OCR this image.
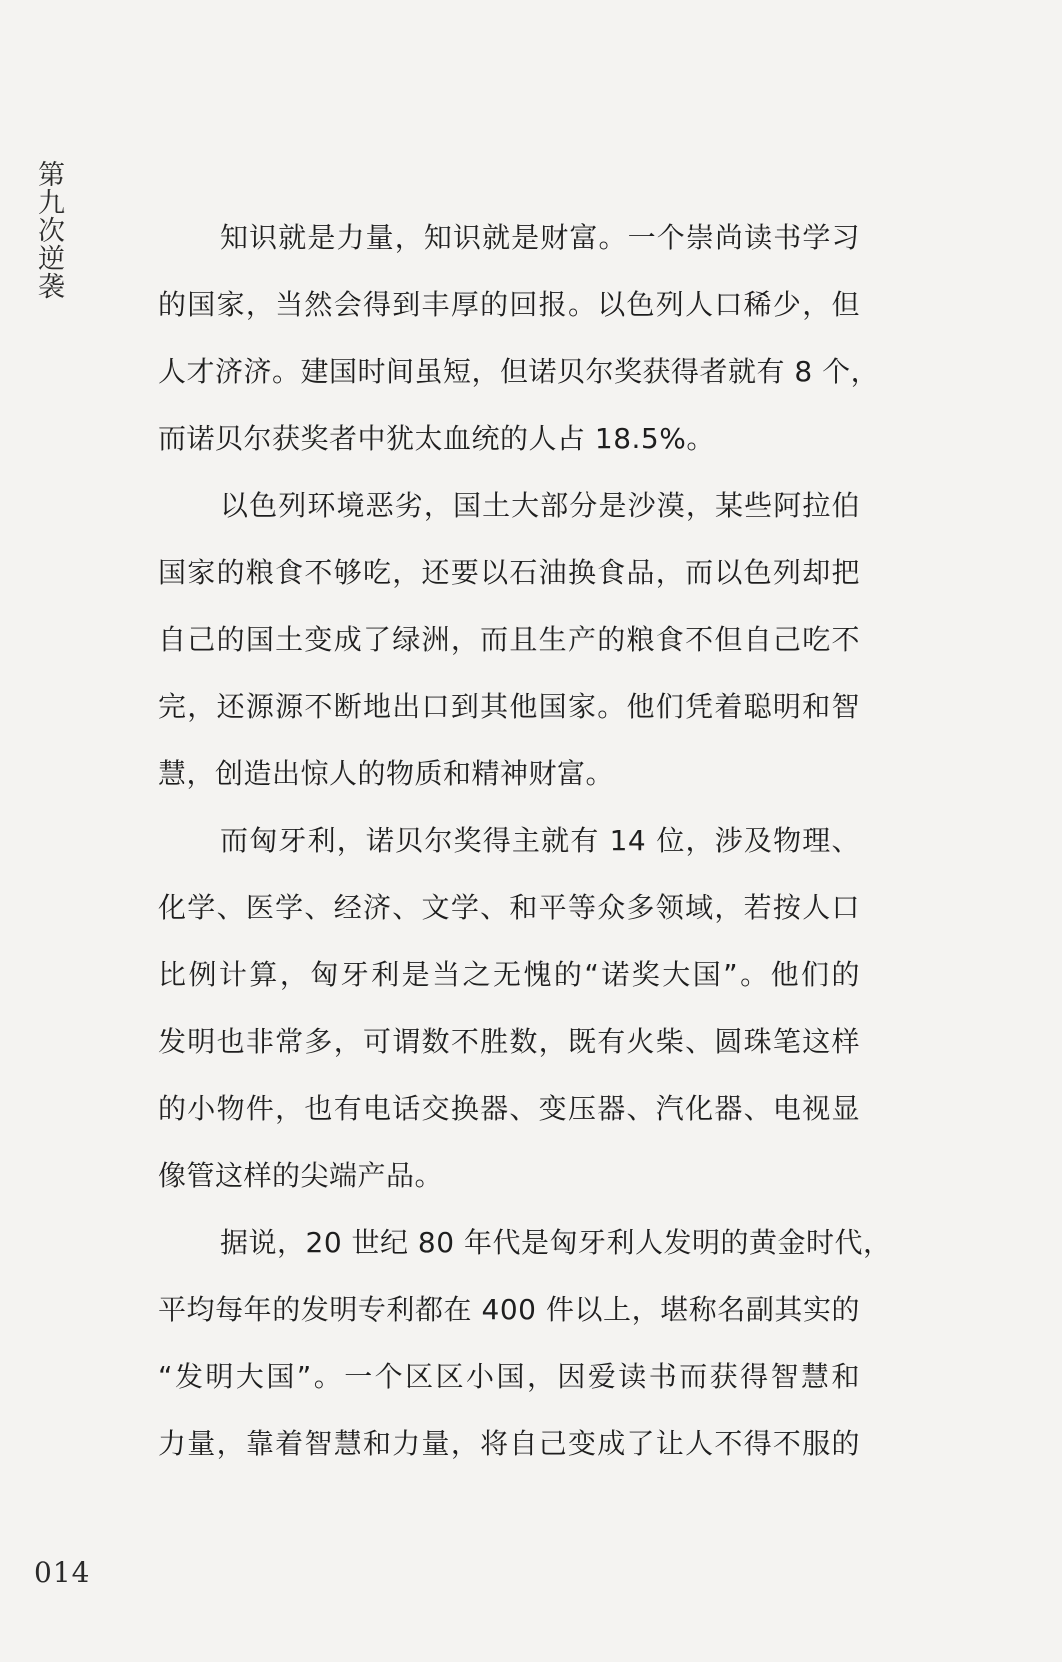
第九次逆袭	知识就是力量，知识就是财富。一个崇尚读书学习
的国家，当然会得到丰厚的回报。以色列人口稀少，但
人才济济。建国时间虽短，但诺贝尔奖获得者就有 8 个，
而诺贝尔获奖者中犹太血统的人占 18.5%。
以色列环境恶劣，国土大部分是沙漠，某些阿拉伯
国家的粮食不够吃，还要以石油换食品，而以色列却把
自己的国土变成了绿洲，而且生产的粮食不但自己吃不
完，还源源不断地出口到其他国家。他们凭着聪明和智
慧，创造出惊人的物质和精神财富。
而匈牙利，诺贝尔奖得主就有 14 位，涉及物理、
化学、医学、经济、文学、和平等众多领域，若按人口
比例计算，匈牙利是当之无愧的“诺奖大国”。他们的
发明也非常多，可谓数不胜数，既有火柴、圆珠笔这样
的小物件，也有电话交换器、变压器、汽化器、电视显
像管这样的尖端产品。
据说，20 世纪 80 年代是匈牙利人发明的黄金时代，
平均每年的发明专利都在 400 件以上，堪称名副其实的
“发明大国”。一个区区小国，因爱读书而获得智慧和
力量，靠着智慧和力量，将自己变成了让人不得不服的
014
